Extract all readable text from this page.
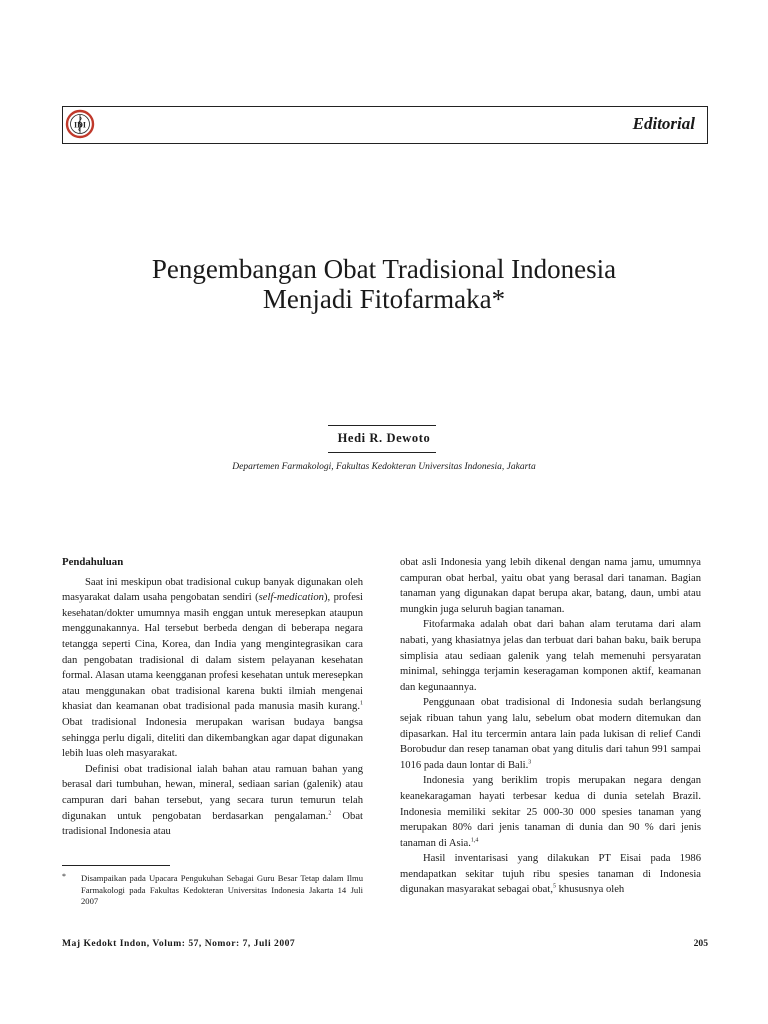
IDI	Editorial
Pengembangan Obat Tradisional Indonesia
Menjadi Fitofarmaka*
Hedi R. Dewoto
Departemen Farmakologi, Fakultas Kedokteran Universitas Indonesia, Jakarta
Pendahuluan

Saat ini meskipun obat tradisional cukup banyak digunakan oleh masyarakat dalam usaha pengobatan sendiri (self-medication), profesi kesehatan/dokter umumnya masih enggan untuk meresepkan ataupun menggunakannya. Hal tersebut berbeda dengan di beberapa negara tetangga seperti Cina, Korea, dan India yang mengintegrasikan cara dan pengobatan tradisional di dalam sistem pelayanan kesehatan formal. Alasan utama keengganan profesi kesehatan untuk meresepkan atau menggunakan obat tradisional karena bukti ilmiah mengenai khasiat dan keamanan obat tradisional pada manusia masih kurang.$^1$ Obat tradisional Indonesia merupakan warisan budaya bangsa sehingga perlu digali, diteliti dan dikembangkan agar dapat digunakan lebih luas oleh masyarakat.

Definisi obat tradisional ialah bahan atau ramuan bahan yang berasal dari tumbuhan, hewan, mineral, sediaan sarian (galenik) atau campuran dari bahan tersebut, yang secara turun temurun telah digunakan untuk pengobatan berdasarkan pengalaman.$^2$ Obat tradisional Indonesia atau

obat asli Indonesia yang lebih dikenal dengan nama jamu, umumnya campuran obat herbal, yaitu obat yang berasal dari tanaman. Bagian tanaman yang digunakan dapat berupa akar, batang, daun, umbi atau mungkin juga seluruh bagian tanaman.

Fitofarmaka adalah obat dari bahan alam terutama dari alam nabati, yang khasiatnya jelas dan terbuat dari bahan baku, baik berupa simplisia atau sediaan galenik yang telah memenuhi persyaratan minimal, sehingga terjamin keseragaman komponen aktif, keamanan dan kegunaannya.

Penggunaan obat tradisional di Indonesia sudah berlangsung sejak ribuan tahun yang lalu, sebelum obat modern ditemukan dan dipasarkan. Hal itu tercermin antara lain pada lukisan di relief Candi Borobudur dan resep tanaman obat yang ditulis dari tahun 991 sampai 1016 pada daun lontar di Bali.$^3$

Indonesia yang beriklim tropis merupakan negara dengan keanekaragaman hayati terbesar kedua di dunia setelah Brazil. Indonesia memiliki sekitar 25 000-30 000 spesies tanaman yang merupakan 80% dari jenis tanaman di dunia dan 90 % dari jenis tanaman di Asia.$^{1,4}$

Hasil inventarisasi yang dilakukan PT Eisai pada 1986 mendapatkan sekitar tujuh ribu spesies tanaman di Indonesia digunakan masyarakat sebagai obat,$^5$ khususnya oleh

* Disampaikan pada Upacara Pengukuhan Sebagai Guru Besar Tetap dalam Ilmu Farmakologi pada Fakultas Kedokteran Universitas Indonesia Jakarta 14 Juli 2007
Maj Kedokt Indon, Volum: 57, Nomor: 7, Juli 2007	205
